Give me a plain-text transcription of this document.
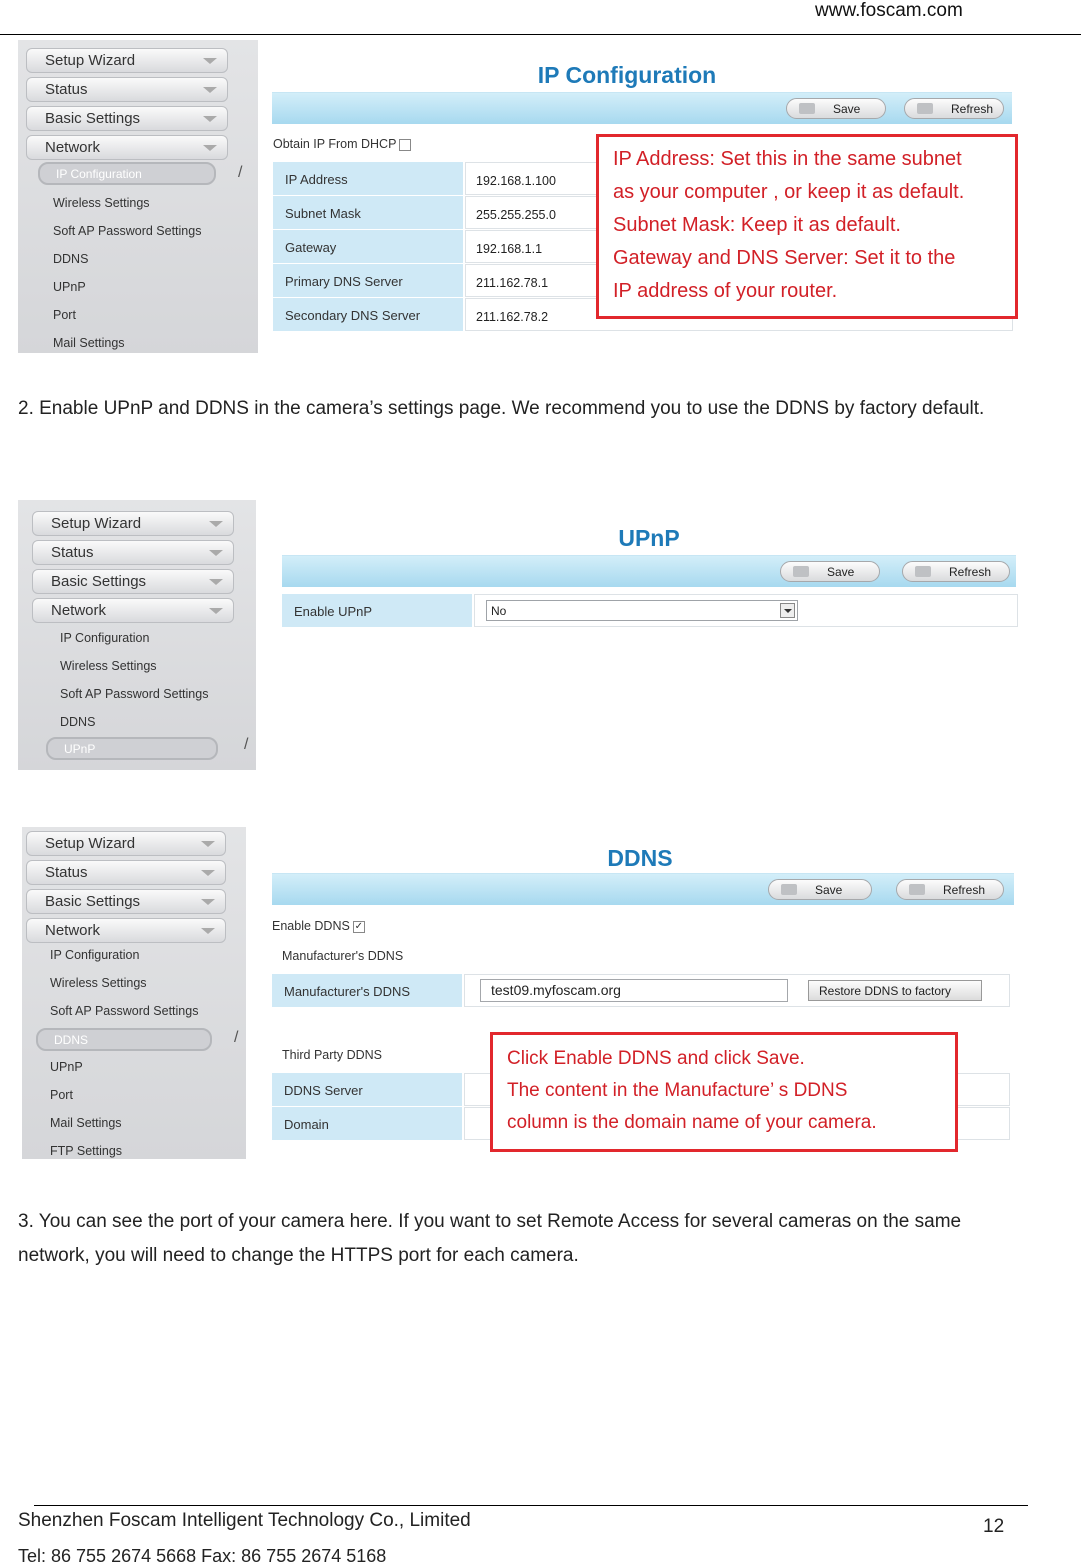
www.foscam.com
Setup Wizard
Status
Basic Settings
Network
IP Configuration	/
Wireless Settings
Soft AP Password Settings
DDNS
UPnP
Port
Mail Settings
IP Configuration
Save	Refresh
Obtain IP From DHCP
IP Address	192.168.1.100
Subnet Mask	255.255.255.0
Gateway	192.168.1.1
Primary DNS Server	211.162.78.1
Secondary DNS Server	211.162.78.2

IP Address: Set this in the same subnet

as your computer , or keep it as default.

Subnet Mask: Keep it as default.

Gateway and DNS Server: Set it to the

IP address of your router.

2. Enable UPnP and DDNS in the camera’s settings page. We recommend you to use the DDNS by factory default.
Setup Wizard
Status
Basic Settings
Network
IP Configuration
Wireless Settings
Soft AP Password Settings
DDNS
UPnP	/
UPnP
Save	Refresh
Enable UPnP	No
Setup Wizard
Status
Basic Settings
Network
IP Configuration
Wireless Settings
Soft AP Password Settings
DDNS	/
UPnP
Port
Mail Settings
FTP Settings
DDNS
Save	Refresh
Enable DDNS ✓
Manufacturer's DDNS
Manufacturer's DDNS	test09.myfoscam.org	Restore DDNS to factory
Third Party DDNS
DDNS Server
Domain

Click Enable DDNS and click Save.

The content in the Manufacture’ s DDNS

column is the domain name of your camera.

3. You can see the port of your camera here. If you want to set Remote Access for several cameras on the same network, you will need to change the HTTPS port for each camera.
Shenzhen Foscam Intelligent Technology Co., Limited
Tel: 86 755 2674 5668 Fax: 86 755 2674 5168
12
